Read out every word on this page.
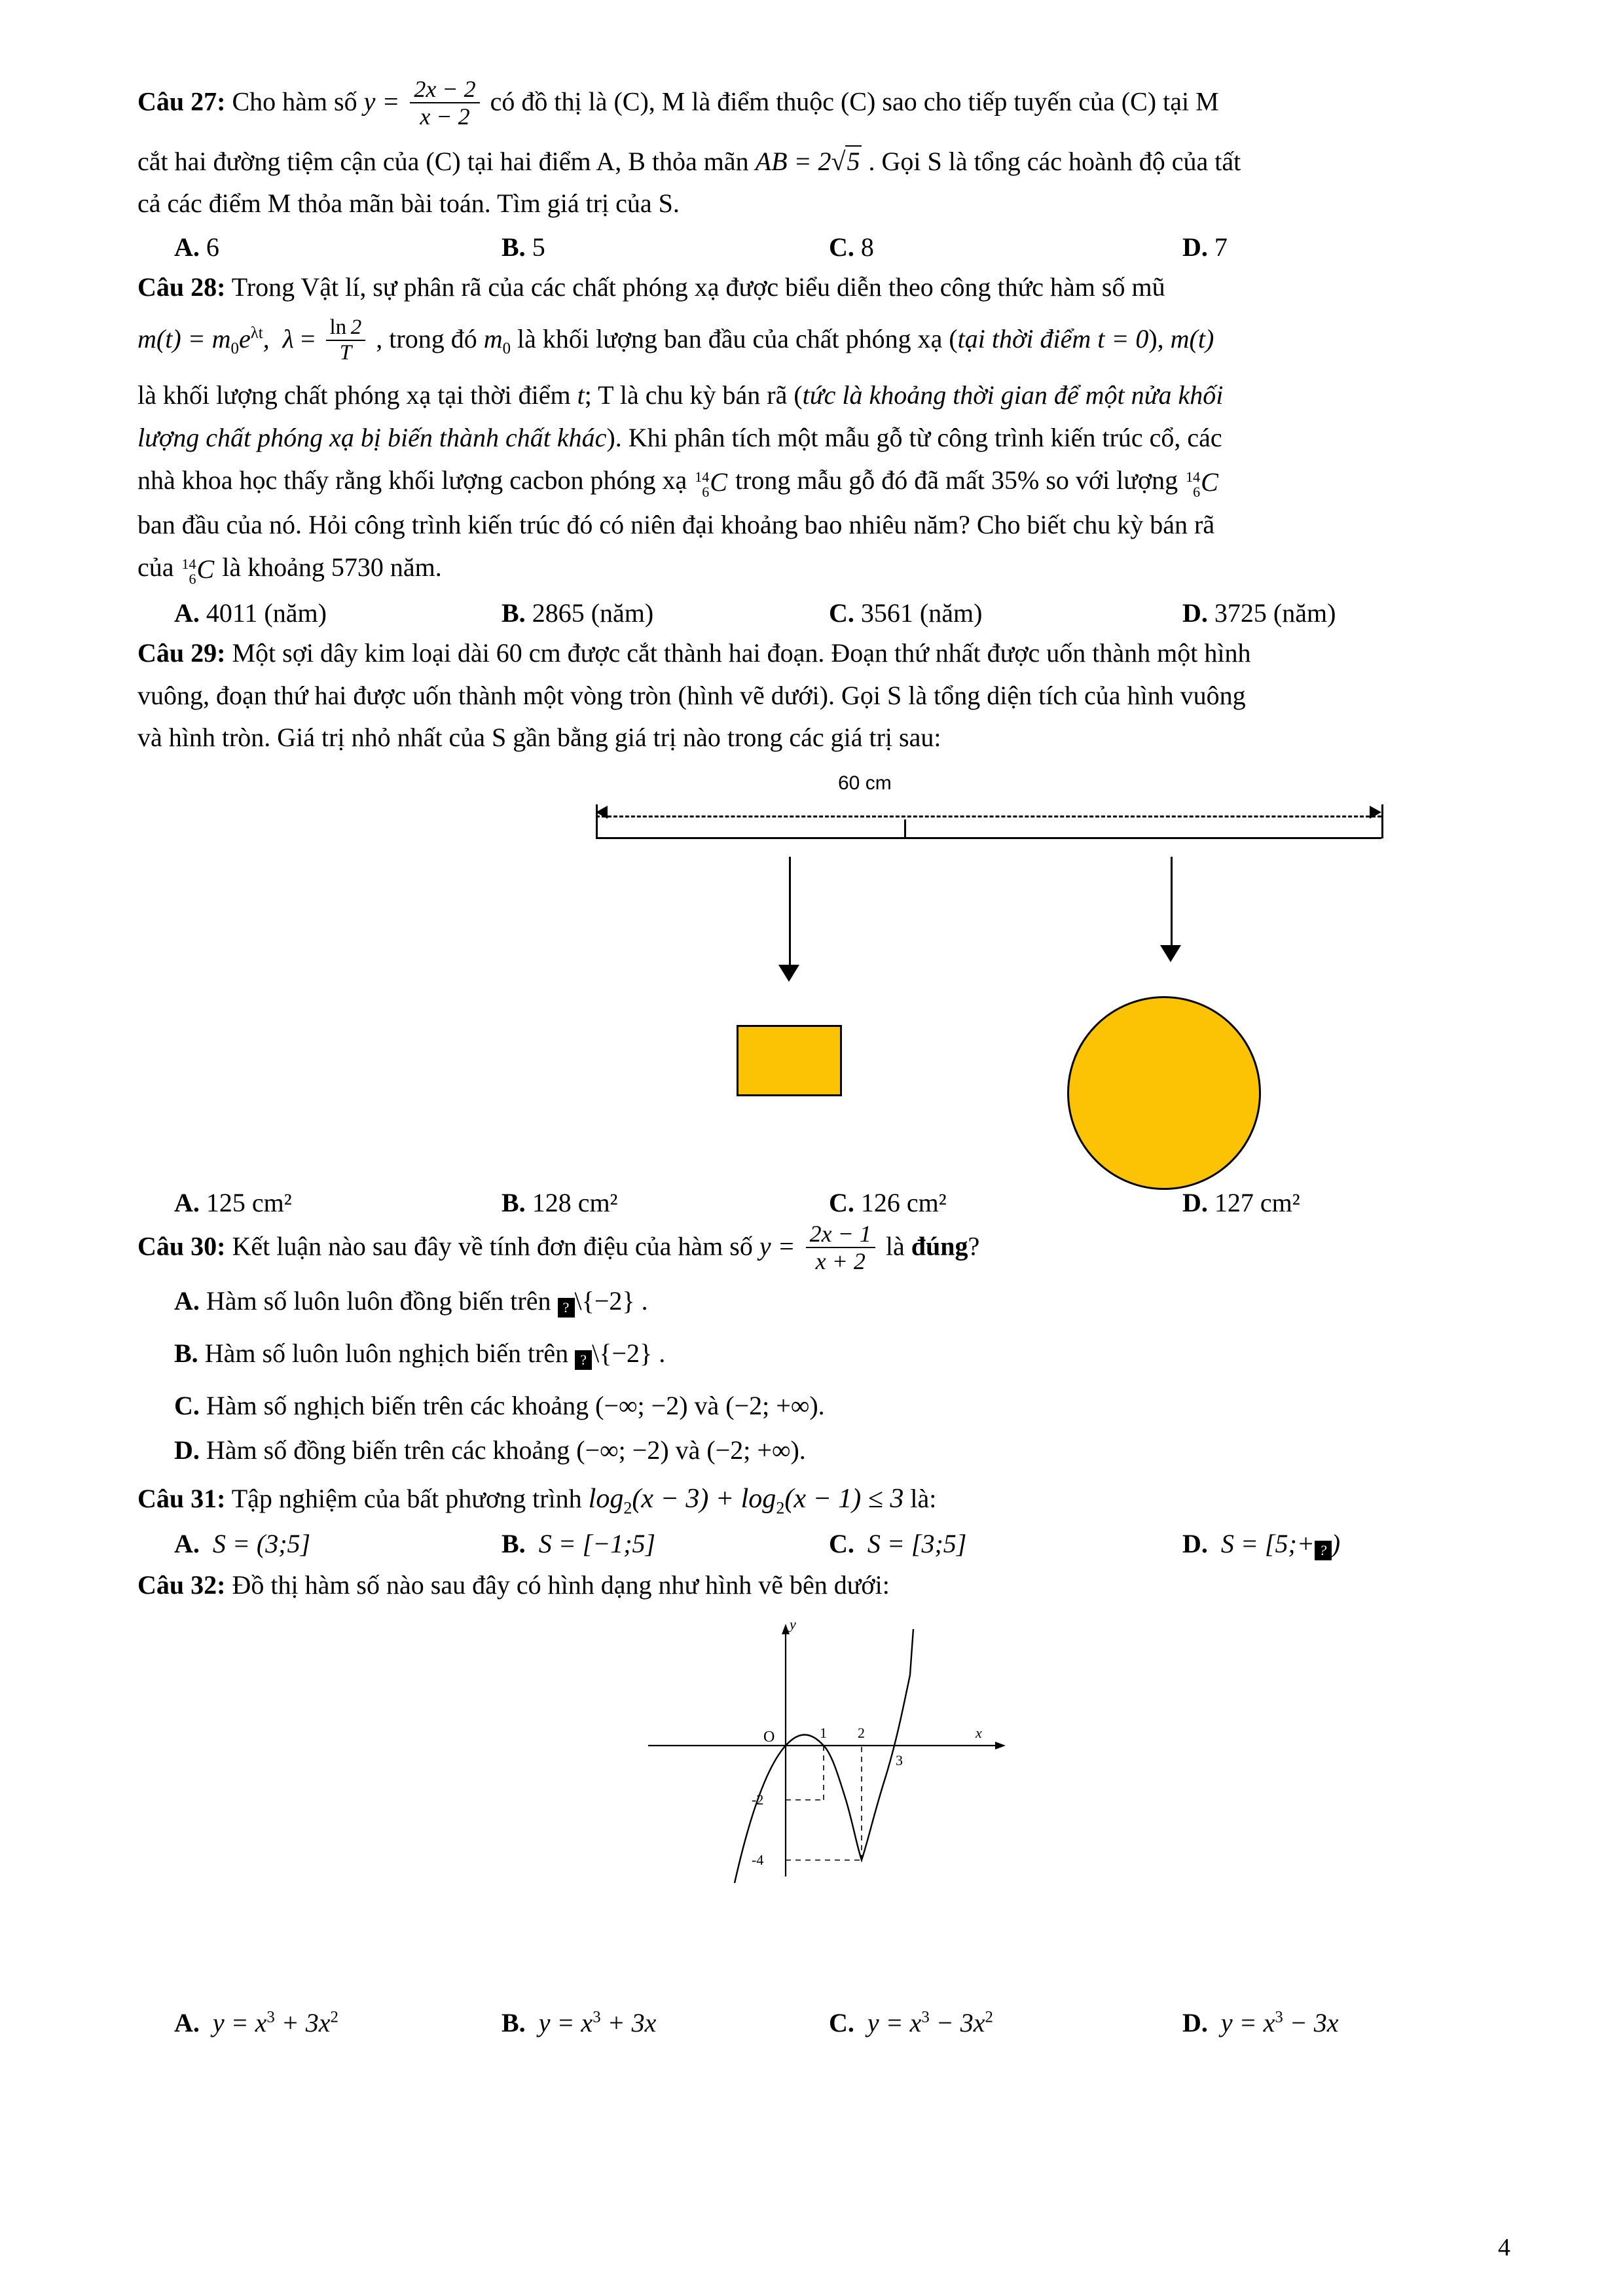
Câu 27: Cho hàm số $y = \frac{2x - 2}{x - 2}$ có đồ thị là (C), M là điểm thuộc (C) sao cho tiếp tuyến của (C) tại M
cắt hai đường tiệm cận của (C) tại hai điểm A, B thỏa mãn AB = 2√5 . Gọi S là tổng các hoành độ của tất
cả các điểm M thỏa mãn bài toán. Tìm giá trị của S.
A. 6	B. 5	C. 8	D. 7
Câu 28: Trong Vật lí, sự phân rã của các chất phóng xạ được biểu diễn theo công thức hàm số mũ
$m(t) = m_0e^{\lambda t}$, $\lambda = \frac{\ln 2}{T}$ , trong đó $m_0$ là khối lượng ban đầu của chất phóng xạ (tại thời điểm t = 0), m(t)
là khối lượng chất phóng xạ tại thời điểm t; T là chu kỳ bán rã (tức là khoảng thời gian để một nửa khối
lượng chất phóng xạ bị biến thành chất khác). Khi phân tích một mẫu gỗ từ công trình kiến trúc cổ, các
nhà khoa học thấy rằng khối lượng cacbon phóng xạ 14
6 C trong mẫu gỗ đó đã mất 35% so với lượng 14
6 C
ban đầu của nó. Hỏi công trình kiến trúc đó có niên đại khoảng bao nhiêu năm? Cho biết chu kỳ bán rã
của 14
6 C là khoảng 5730 năm.
A. 4011 (năm)	B. 2865 (năm)	C. 3561 (năm)	D. 3725 (năm)
Câu 29: Một sợi dây kim loại dài 60 cm được cắt thành hai đoạn. Đoạn thứ nhất được uốn thành một hình
vuông, đoạn thứ hai được uốn thành một vòng tròn (hình vẽ dưới). Gọi S là tổng diện tích của hình vuông
và hình tròn. Giá trị nhỏ nhất của S gần bằng giá trị nào trong các giá trị sau:
60 cm
A. 125 cm²	B. 128 cm²	C. 126 cm²	D. 127 cm²
Câu 30: Kết luận nào sau đây về tính đơn điệu của hàm số $y = \frac{2x - 1}{x + 2}$ là đúng?
A. Hàm số luôn luôn đồng biến trên ? \{−2} .
B. Hàm số luôn luôn nghịch biến trên ? \{−2} .
C. Hàm số nghịch biến trên các khoảng (−∞; −2) và (−2; +∞).
D. Hàm số đồng biến trên các khoảng (−∞; −2) và (−2; +∞).
Câu 31: Tập nghiệm của bất phương trình $\log_2(x - 3) + \log_2(x - 1) \le 3$ là:
A. S = (3;5]	B. S = [−1;5]	C. S = [3;5]	D. S = [5;+ ? )
Câu 32: Đồ thị hàm số nào sau đây có hình dạng như hình vẽ bên dưới:
y
x
O	1 2
3
-2
-4
A. $y = x^3 + 3x^2$	B. $y = x^3 + 3x$	C. $y = x^3 - 3x^2$	D. $y = x^3 - 3x$
4
